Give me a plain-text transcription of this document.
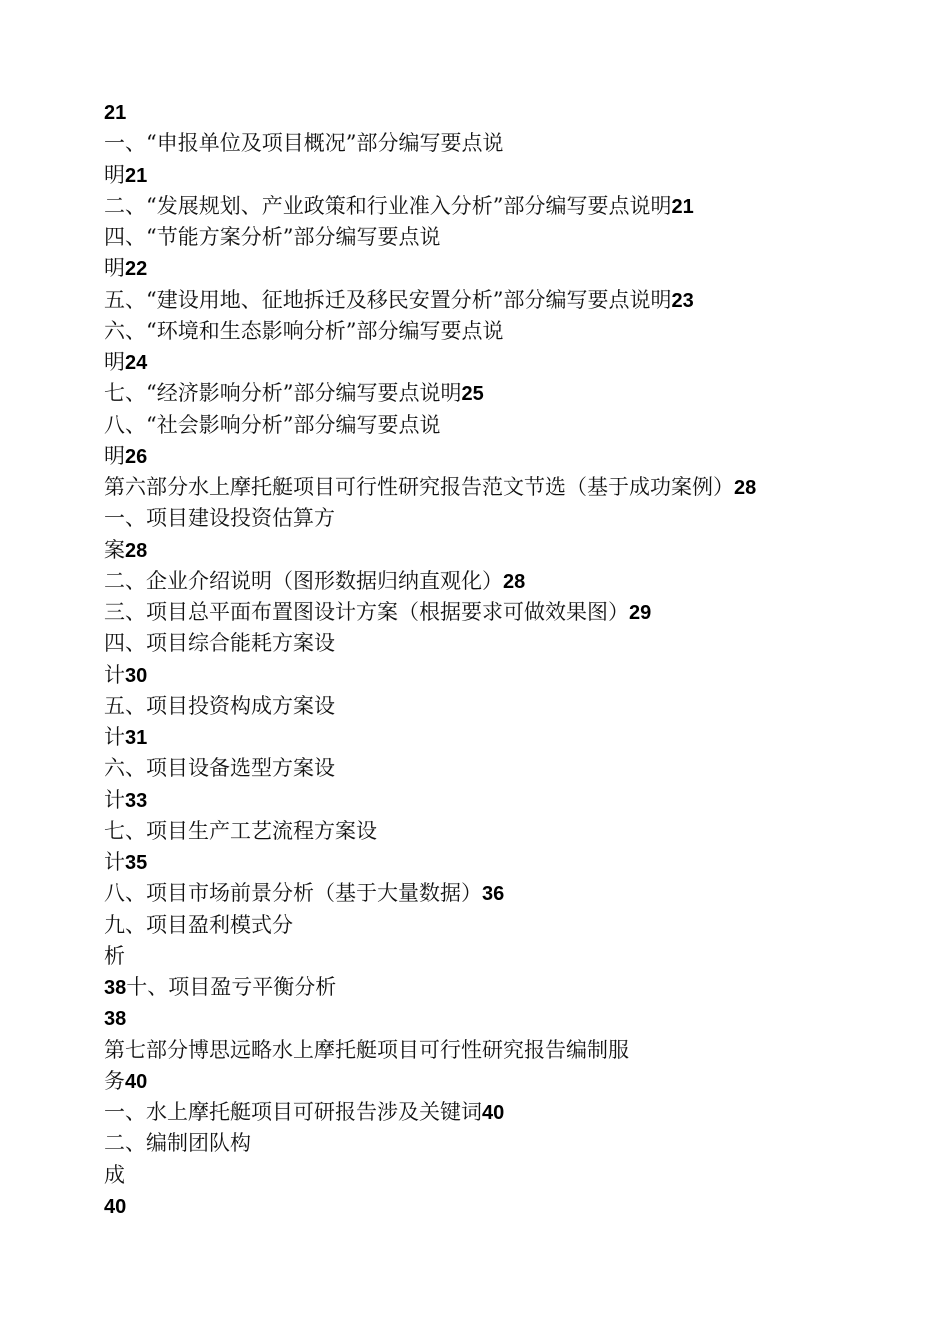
21
一、“申报单位及项目概况”部分编写要点说
明21
二、“发展规划、产业政策和行业准入分析”部分编写要点说明21
四、“节能方案分析”部分编写要点说
明22
五、“建设用地、征地拆迁及移民安置分析”部分编写要点说明23
六、“环境和生态影响分析”部分编写要点说
明24
七、“经济影响分析”部分编写要点说明25
八、“社会影响分析”部分编写要点说
明26
第六部分水上摩托艇项目可行性研究报告范文节选（基于成功案例）28
一、项目建设投资估算方
案28
二、企业介绍说明（图形数据归纳直观化）28
三、项目总平面布置图设计方案（根据要求可做效果图）29
四、项目综合能耗方案设
计30
五、项目投资构成方案设
计31
六、项目设备选型方案设
计33
七、项目生产工艺流程方案设
计35
八、项目市场前景分析（基于大量数据）36
九、项目盈利模式分
析
38十、项目盈亏平衡分析
38
第七部分博思远略水上摩托艇项目可行性研究报告编制服
务40
一、水上摩托艇项目可研报告涉及关键词40
二、编制团队构
成
40
